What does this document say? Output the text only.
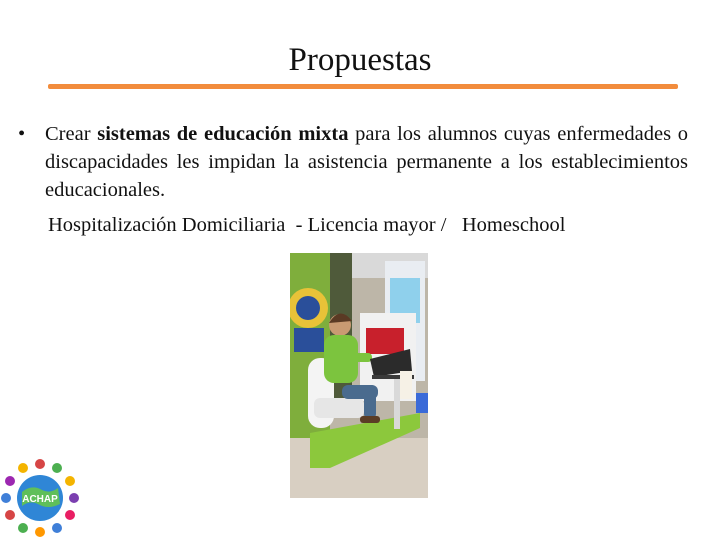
Propuestas
• Crear sistemas de educación mixta para los alumnos cuyas enfermedades o discapacidades les impidan la asistencia permanente a los establecimientos educacionales.
Hospitalización Domiciliaria  - Licencia mayor /   Homeschool
ACHAP
